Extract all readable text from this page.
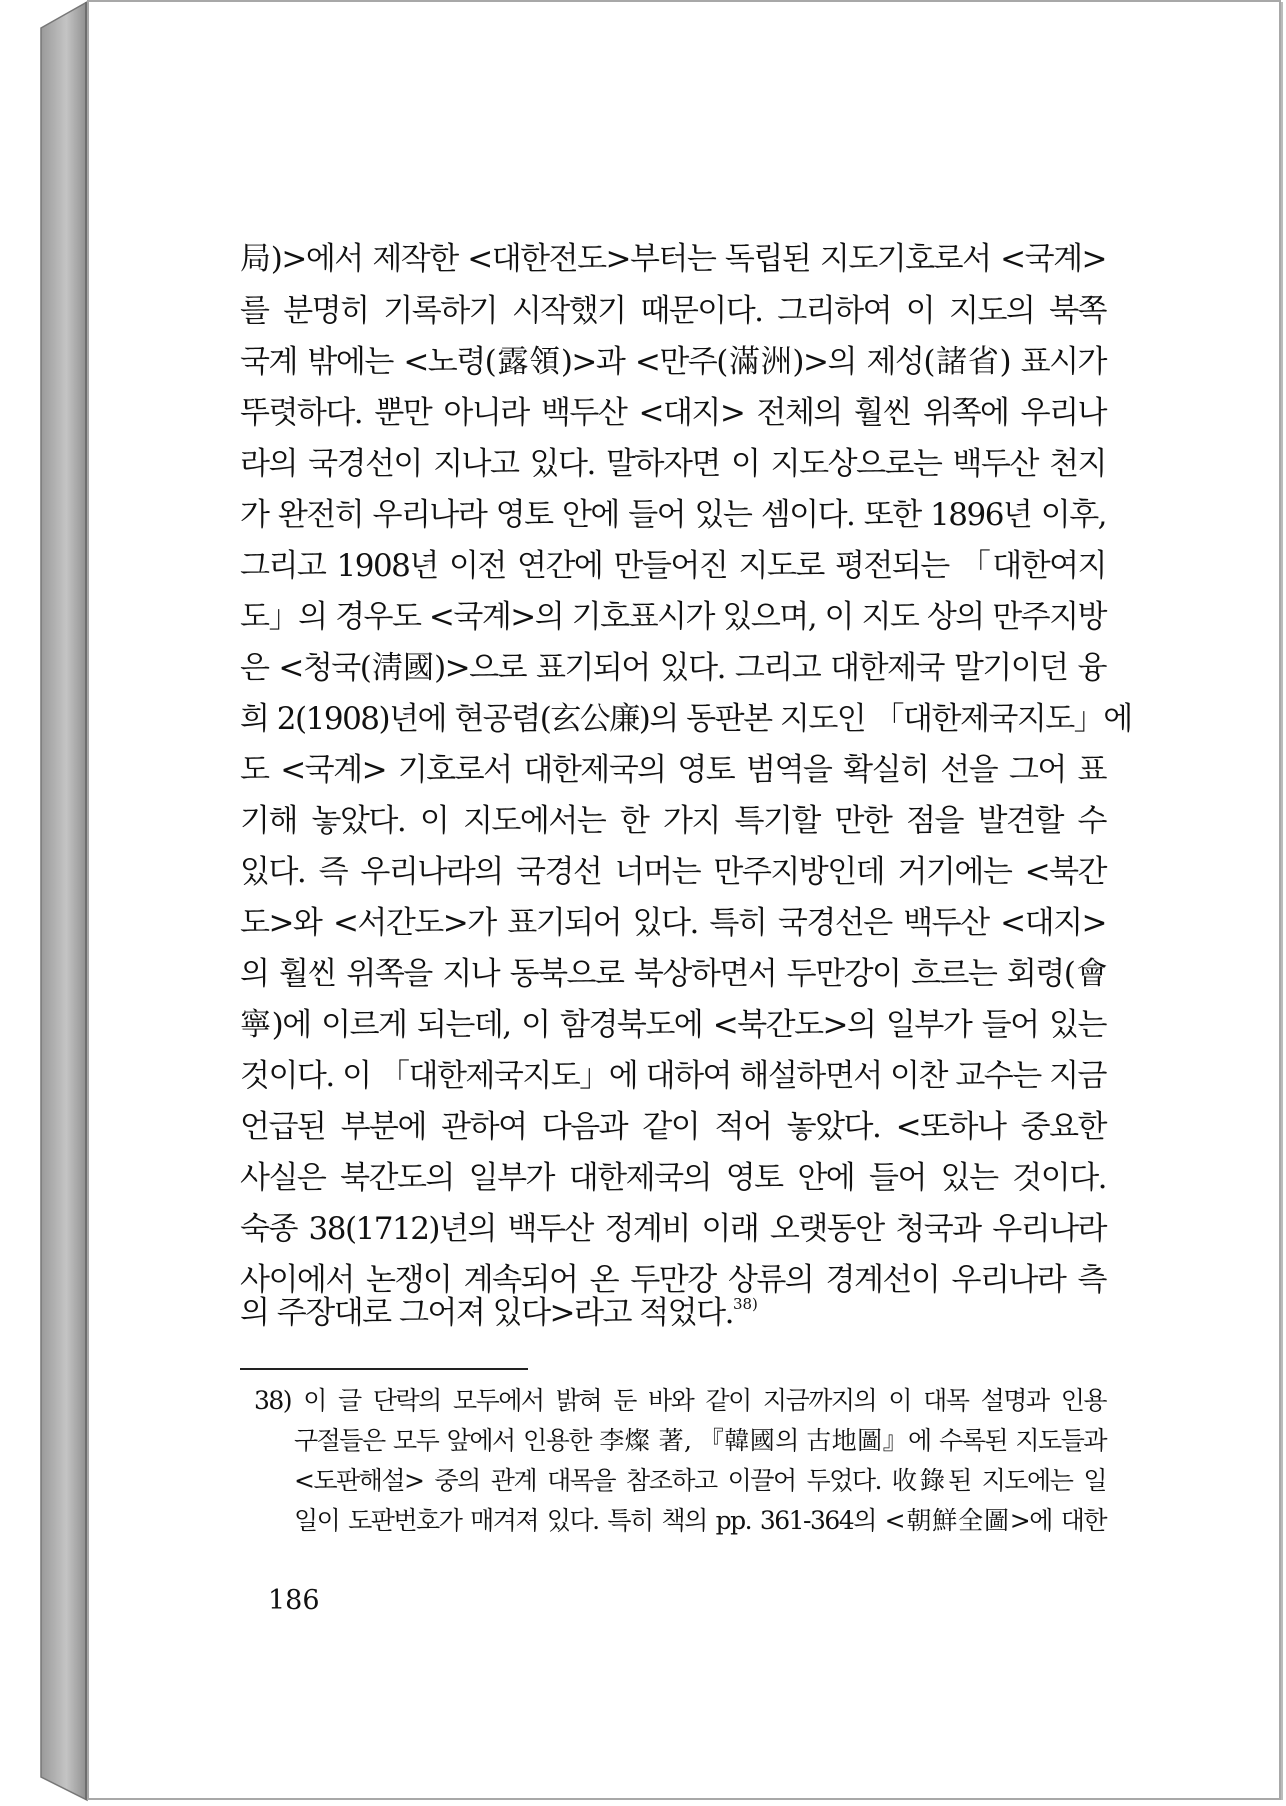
局)>에서 제작한 <대한전도>부터는 독립된 지도기호로서 <국계>
를 분명히 기록하기 시작했기 때문이다. 그리하여 이 지도의 북쪽
국계 밖에는 <노령(露領)>과 <만주(滿洲)>의 제성(諸省) 표시가
뚜렷하다. 뿐만 아니라 백두산 <대지> 전체의 훨씬 위쪽에 우리나
라의 국경선이 지나고 있다. 말하자면 이 지도상으로는 백두산 천지
가 완전히 우리나라 영토 안에 들어 있는 셈이다. 또한 1896년 이후,
그리고 1908년 이전 연간에 만들어진 지도로 평전되는 「대한여지
도」의 경우도 <국계>의 기호표시가 있으며, 이 지도 상의 만주지방
은 <청국(淸國)>으로 표기되어 있다. 그리고 대한제국 말기이던 융
희 2(1908)년에 현공렴(玄公廉)의 동판본 지도인 「대한제국지도」에
도 <국계> 기호로서 대한제국의 영토 범역을 확실히 선을 그어 표
기해 놓았다. 이 지도에서는 한 가지 특기할 만한 점을 발견할 수
있다. 즉 우리나라의 국경선 너머는 만주지방인데 거기에는 <북간
도>와 <서간도>가 표기되어 있다. 특히 국경선은 백두산 <대지>
의 훨씬 위쪽을 지나 동북으로 북상하면서 두만강이 흐르는 회령(會
寧)에 이르게 되는데, 이 함경북도에 <북간도>의 일부가 들어 있는
것이다. 이 「대한제국지도」에 대하여 해설하면서 이찬 교수는 지금
언급된 부분에 관하여 다음과 같이 적어 놓았다. <또하나 중요한
사실은 북간도의 일부가 대한제국의 영토 안에 들어 있는 것이다.
숙종 38(1712)년의 백두산 정계비 이래 오랫동안 청국과 우리나라
사이에서 논쟁이 계속되어 온 두만강 상류의 경계선이 우리나라 측
의 주장대로 그어져 있다>라고 적었다.$^{38)}$
38) 이 글 단락의 모두에서 밝혀 둔 바와 같이 지금까지의 이 대목 설명과 인용
구절들은 모두 앞에서 인용한 李燦 著, 『韓國의 古地圖』에 수록된 지도들과
<도판해설> 중의 관계 대목을 참조하고 이끌어 두었다. 收錄된 지도에는 일
일이 도판번호가 매겨져 있다. 특히 책의 pp. 361-364의 <朝鮮全圖>에 대한
186
